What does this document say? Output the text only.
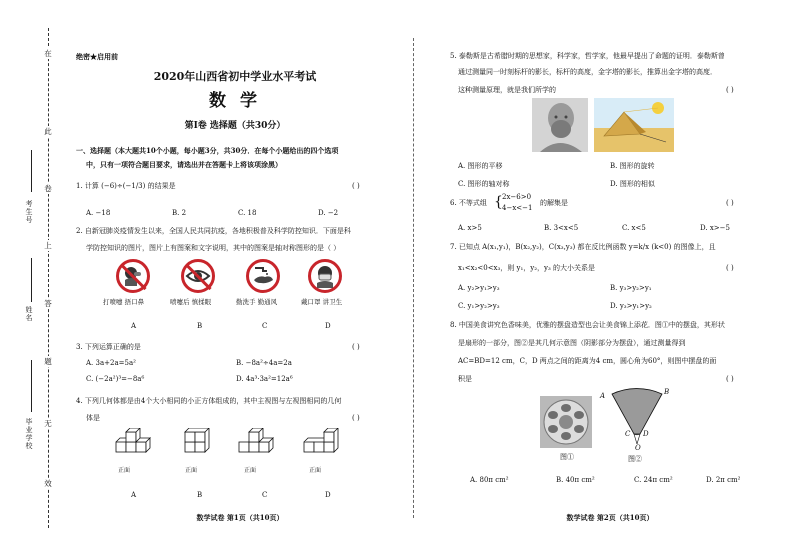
在
此
卷
上
答
题
无
效
考生号
姓名
毕业学校
绝密★启用前
2020年山西省初中学业水平考试
数 学
第Ⅰ卷 选择题（共30分）
一、选择题（本大题共10个小题，每小题3分，共30分．在每个小题给出的四个选项
中，只有一项符合题目要求，请选出并在答题卡上将该项涂黑）
1. 计算 (−6)÷(−1/3) 的结果是	( )
A. −18	B. 2	C. 18	D. −2
2. 自新冠肺炎疫情发生以来，全国人民共同抗疫，各地积极普及科学防控知识．下面是科
学防控知识的图片，图片上有图案和文字说明，其中的图案是轴对称图形的是（ ）
打喷嚏 捂口鼻	喷嚏后 慎揉眼	勤洗手 勤通风	戴口罩 讲卫生
A	B	C	D
3. 下列运算正确的是	( )
A. 3a+2a=5a²	B. −8a²÷4a=2a
C. (−2a²)³=−8a⁶	D. 4a³·3a²=12a⁶
4. 下列几何体都是由4个大小相同的小正方体组成的，其中主视图与左视图相同的几何
体是	( )
正面	正面	正面	正面
A	B	C	D
数学试卷 第1页（共10页）
5. 泰勒斯是古希腊时期的思想家，科学家，哲学家，他最早提出了命题的证明．泰勒斯曾
通过测量同一时刻标杆的影长，标杆的高度，金字塔的影长，推算出金字塔的高度．
这种测量原理，就是我们所学的	( )
A. 图形的平移	B. 图形的旋转
C. 图形的轴对称	D. 图形的相似
6. 不等式组 { 2x−6>0
4−x<−1
的解集是	( )
A. x>5	B. 3<x<5	C. x<5	D. x>−5
7. 已知点 A(x₁,y₁)，B(x₂,y₂)，C(x₃,y₃) 都在反比例函数 y=k/x (k<0) 的图像上，且
x₁<x₂<0<x₃，则 y₁，y₂，y₃ 的大小关系是	( )
A. y₂>y₁>y₃	B. y₃>y₂>y₁
C. y₁>y₂>y₃	D. y₃>y₁>y₂
8. 中国美食讲究色香味美，优雅的摆盘造型也会让美食锦上添花．图①中的摆盘，其形状
是扇形的一部分，图②是其几何示意图（阴影部分为摆盘），通过测量得到
AC=BD=12 cm，C，D 两点之间的距离为4 cm，圆心角为60°，则图中摆盘的面
积是	( )
A	B
C D
O
图①	图②
A. 80π cm²	B. 40π cm²	C. 24π cm²	D. 2π cm²
数学试卷 第2页（共10页）
